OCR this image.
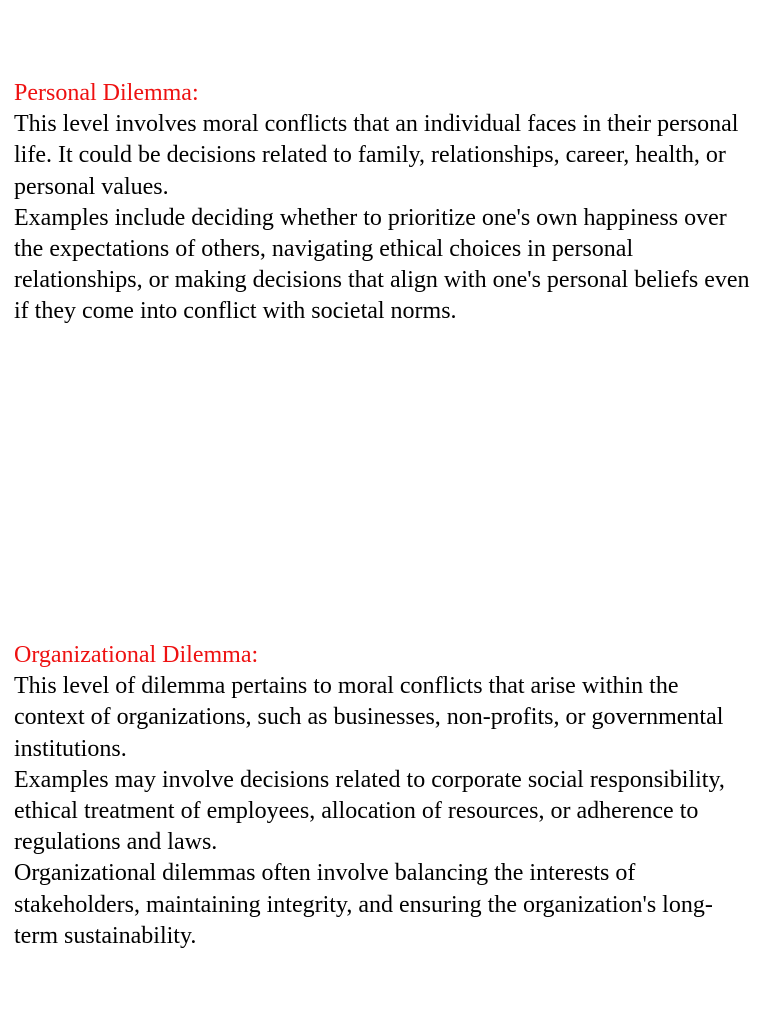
Personal Dilemma:

This level involves moral conflicts that an individual faces in their personal life. It could be decisions related to family, relationships, career, health, or personal values.

Examples include deciding whether to prioritize one's own happiness over the expectations of others, navigating ethical choices in personal relationships, or making decisions that align with one's personal beliefs even if they come into conflict with societal norms.

Organizational Dilemma:

This level of dilemma pertains to moral conflicts that arise within the context of organizations, such as businesses, non-profits, or governmental institutions.

Examples may involve decisions related to corporate social responsibility, ethical treatment of employees, allocation of resources, or adherence to regulations and laws.

Organizational dilemmas often involve balancing the interests of stakeholders, maintaining integrity, and ensuring the organization's long-term sustainability.
